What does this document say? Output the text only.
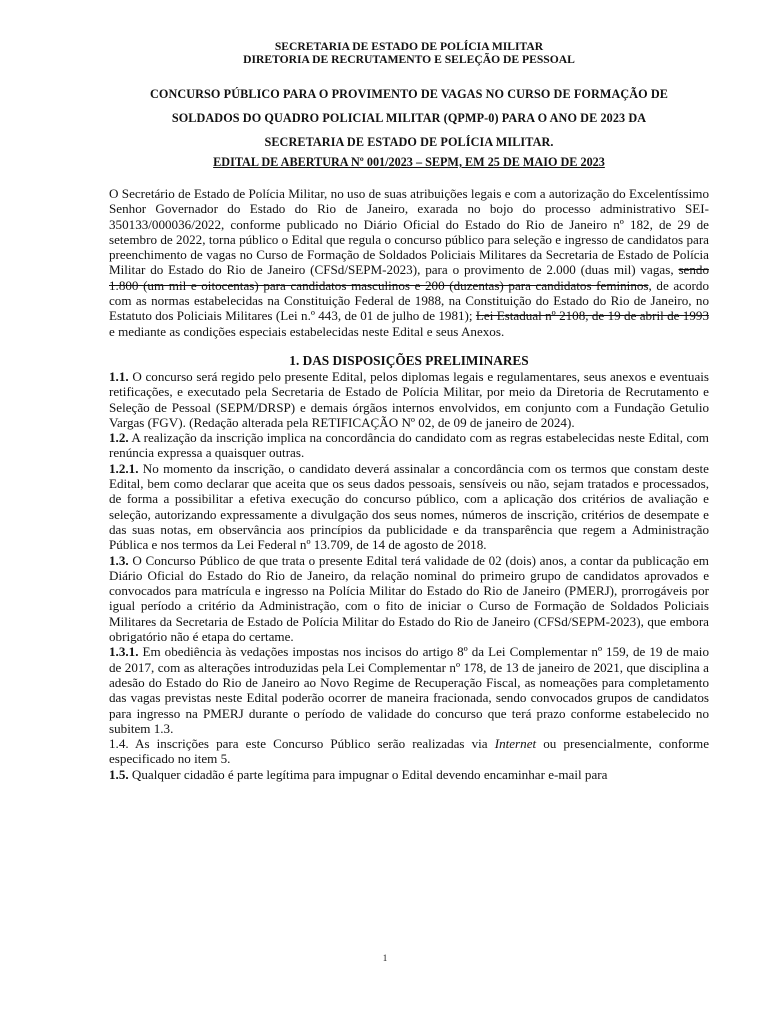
SECRETARIA DE ESTADO DE POLÍCIA MILITAR
DIRETORIA DE RECRUTAMENTO E SELEÇÃO DE PESSOAL
CONCURSO PÚBLICO PARA O PROVIMENTO DE VAGAS NO CURSO DE FORMAÇÃO DE
SOLDADOS DO QUADRO POLICIAL MILITAR (QPMP-0) PARA O ANO DE 2023 DA
SECRETARIA DE ESTADO DE POLÍCIA MILITAR.
EDITAL DE ABERTURA Nº 001/2023 – SEPM, EM 25 DE MAIO DE 2023

O Secretário de Estado de Polícia Militar, no uso de suas atribuições legais e com a autorização do Excelentíssimo Senhor Governador do Estado do Rio de Janeiro, exarada no bojo do processo administrativo SEI-350133/000036/2022, conforme publicado no Diário Oficial do Estado do Rio de Janeiro nº 182, de 29 de setembro de 2022, torna público o Edital que regula o concurso público para seleção e ingresso de candidatos para preenchimento de vagas no Curso de Formação de Soldados Policiais Militares da Secretaria de Estado de Polícia Militar do Estado do Rio de Janeiro (CFSd/SEPM-2023), para o provimento de 2.000 (duas mil) vagas, sendo 1.800 (um mil e oitocentas) para candidatos masculinos e 200 (duzentas) para candidatos femininos, de acordo com as normas estabelecidas na Constituição Federal de 1988, na Constituição do Estado do Rio de Janeiro, no Estatuto dos Policiais Militares (Lei n.º 443, de 01 de julho de 1981); Lei Estadual nº 2108, de 19 de abril de 1993 e mediante as condições especiais estabelecidas neste Edital e seus Anexos.

1. DAS DISPOSIÇÕES PRELIMINARES

1.1. O concurso será regido pelo presente Edital, pelos diplomas legais e regulamentares, seus anexos e eventuais retificações, e executado pela Secretaria de Estado de Polícia Militar, por meio da Diretoria de Recrutamento e Seleção de Pessoal (SEPM/DRSP) e demais órgãos internos envolvidos, em conjunto com a Fundação Getulio Vargas (FGV). (Redação alterada pela RETIFICAÇÃO Nº 02, de 09 de janeiro de 2024).

1.2. A realização da inscrição implica na concordância do candidato com as regras estabelecidas neste Edital, com renúncia expressa a quaisquer outras.

1.2.1. No momento da inscrição, o candidato deverá assinalar a concordância com os termos que constam deste Edital, bem como declarar que aceita que os seus dados pessoais, sensíveis ou não, sejam tratados e processados, de forma a possibilitar a efetiva execução do concurso público, com a aplicação dos critérios de avaliação e seleção, autorizando expressamente a divulgação dos seus nomes, números de inscrição, critérios de desempate e das suas notas, em observância aos princípios da publicidade e da transparência que regem a Administração Pública e nos termos da Lei Federal nº 13.709, de 14 de agosto de 2018.

1.3. O Concurso Público de que trata o presente Edital terá validade de 02 (dois) anos, a contar da publicação em Diário Oficial do Estado do Rio de Janeiro, da relação nominal do primeiro grupo de candidatos aprovados e convocados para matrícula e ingresso na Polícia Militar do Estado do Rio de Janeiro (PMERJ), prorrogáveis por igual período a critério da Administração, com o fito de iniciar o Curso de Formação de Soldados Policiais Militares da Secretaria de Estado de Polícia Militar do Estado do Rio de Janeiro (CFSd/SEPM-2023), que embora obrigatório não é etapa do certame.

1.3.1. Em obediência às vedações impostas nos incisos do artigo 8º da Lei Complementar nº 159, de 19 de maio de 2017, com as alterações introduzidas pela Lei Complementar nº 178, de 13 de janeiro de 2021, que disciplina a adesão do Estado do Rio de Janeiro ao Novo Regime de Recuperação Fiscal, as nomeações para completamento das vagas previstas neste Edital poderão ocorrer de maneira fracionada, sendo convocados grupos de candidatos para ingresso na PMERJ durante o período de validade do concurso que terá prazo conforme estabelecido no subitem 1.3.

1.4. As inscrições para este Concurso Público serão realizadas via Internet ou presencialmente, conforme especificado no item 5.

1.5. Qualquer cidadão é parte legítima para impugnar o Edital devendo encaminhar e-mail para

1
